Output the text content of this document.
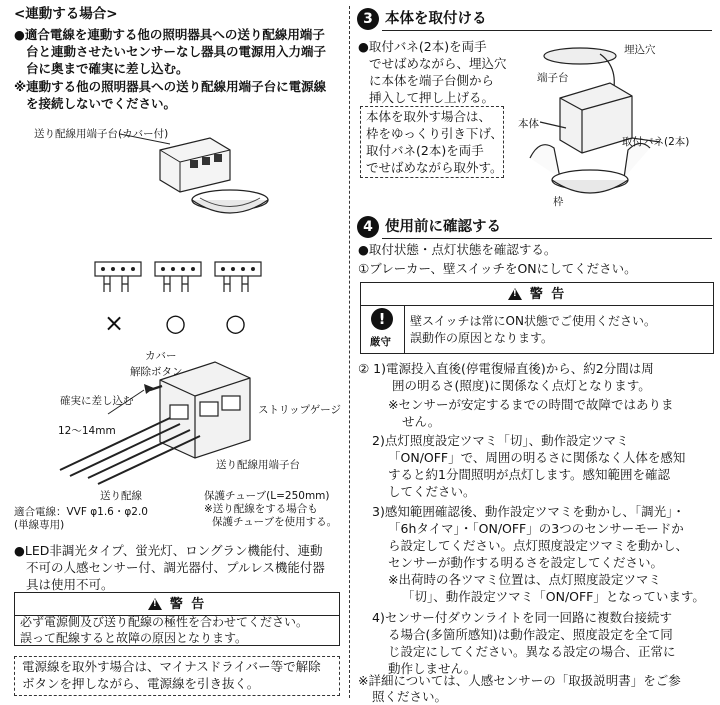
<連動する場合>
●適合電線を連動する他の照明器具への送り配線用端子
台と連動させたいセンサーなし器具の電源用入力端子
台に奥まで確実に差し込む。
※連動する他の照明器具への送り配線用端子台に電源線
を接続しないでください。
送り配線用端子台(カバー付)
× ○ ○
カバー
解除ボタン
確実に差し込む
ストリップゲージ
12～14mm
送り配線用端子台
送り配線	保護チューブ(L=250mm)
※送り配線をする場合も
保護チューブを使用する。
適合電線：VVF φ1.6・φ2.0
(単線専用)
●LED非調光タイプ、蛍光灯、ロングラン機能付、連動
不可の人感センサー付、調光器付、プルレス機能付器
具は使用不可。
!
警 告
必ず電源側及び送り配線の極性を合わせてください。
誤って配線すると故障の原因となります。
電源線を取外す場合は、マイナスドライバー等で解除
ボタンを押しながら、電源線を引き抜く。
3 本体を取付ける
●取付バネ(2本)を両手
でせばめながら、埋込穴
に本体を端子台側から
挿入して押し上げる。
本体を取外す場合は、
枠をゆっくり引き下げ、
取付バネ(2本)を両手
でせばめながら取外す。
埋込穴
端子台
本体
取付バネ(2本)
枠
4 使用前に確認する
●取付状態・点灯状態を確認する。
①ブレーカー、壁スイッチをONにしてください。
!
警 告
!
厳守
壁スイッチは常にON状態でご使用ください。
誤動作の原因となります。
② 1)電源投入直後(停電復帰直後)から、約2分間は周
囲の明るさ(照度)に関係なく点灯となります。
※センサーが安定するまでの時間で故障ではありま
せん。
2)点灯照度設定ツマミ「切」、動作設定ツマミ
「ON/OFF」で、周囲の明るさに関係なく人体を感知
すると約1分間照明が点灯します。感知範囲を確認
してください。
3)感知範囲確認後、動作設定ツマミを動かし、「調光」・
「6hタイマ」・「ON/OFF」の3つのセンサーモードか
ら設定してください。点灯照度設定ツマミを動かし、
センサーが動作する明るさを設定してください。
※出荷時の各ツマミ位置は、点灯照度設定ツマミ
「切」、動作設定ツマミ「ON/OFF」となっています。
4)センサー付ダウンライトを同一回路に複数台接続す
る場合(多箇所感知)は動作設定、照度設定を全て同
じ設定にしてください。異なる設定の場合、正常に
動作しません。
※詳細については、人感センサーの「取扱説明書」をご参
照ください。
